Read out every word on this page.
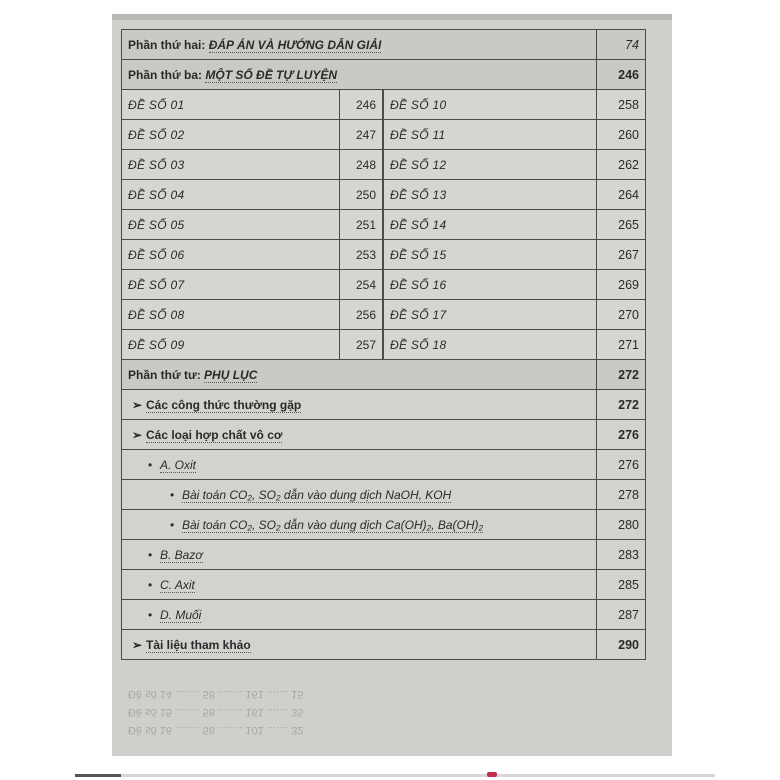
Phần thứ hai: ĐÁP ÁN VÀ HƯỚNG DẪN GIẢI			74
Phần thứ ba: MỘT SỐ ĐỀ TỰ LUYỆN			246
ĐỀ SỐ 01	246	ĐỀ SỐ 10	258
ĐỀ SỐ 02	247	ĐỀ SỐ 11	260
ĐỀ SỐ 03	248	ĐỀ SỐ 12	262
ĐỀ SỐ 04	250	ĐỀ SỐ 13	264
ĐỀ SỐ 05	251	ĐỀ SỐ 14	265
ĐỀ SỐ 06	253	ĐỀ SỐ 15	267
ĐỀ SỐ 07	254	ĐỀ SỐ 16	269
ĐỀ SỐ 08	256	ĐỀ SỐ 17	270
ĐỀ SỐ 09	257	ĐỀ SỐ 18	271
Phần thứ tư: PHỤ LỤC			272
➢ Các công thức thường gặp			272
➢ Các loại hợp chất vô cơ			276
• A. Oxit			276
• Bài toán CO₂, SO₂ dẫn vào dung dịch NaOH, KOH			278
• Bài toán CO₂, SO₂ dẫn vào dung dịch Ca(OH)₂, Ba(OH)₂			280
• B. Bazơ			283
• C. Axit			285
• D. Muối			287
➢ Tài liệu tham khảo			290
Đề số 14 ........ 58 ........ 161 ....... 15
Đề số 15 ........ 58 ........ 161 ....... 35
Đề số 16 ........ 58 ........ 101 ....... 32
